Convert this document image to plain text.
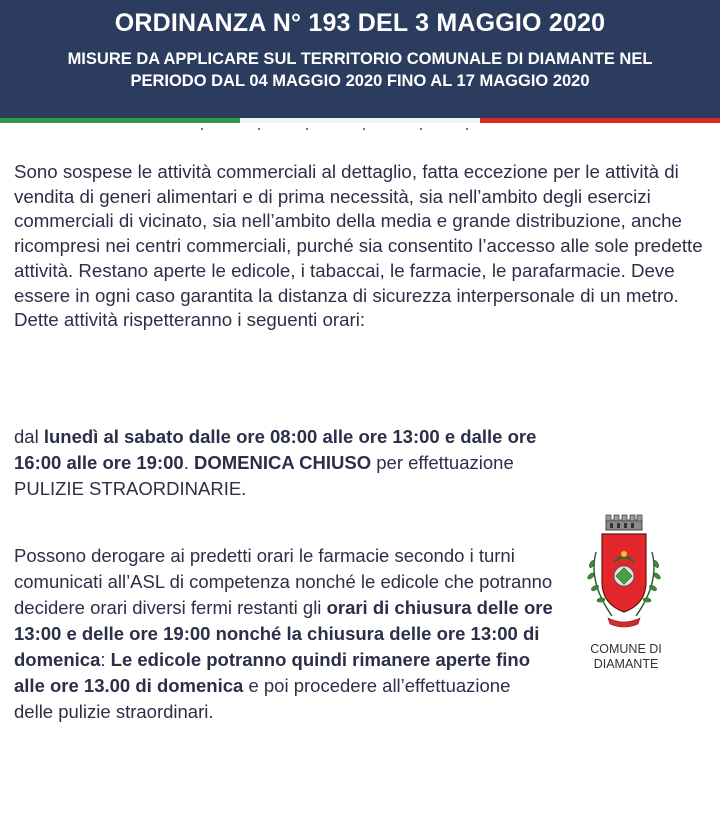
ORDINANZA N° 193 DEL 3 MAGGIO 2020
MISURE DA APPLICARE SUL TERRITORIO COMUNALE DI DIAMANTE NEL PERIODO DAL 04 MAGGIO 2020 FINO AL 17 MAGGIO 2020
Sono sospese le attività commerciali al dettaglio, fatta eccezione per le attività di vendita di generi alimentari e di prima necessità, sia nell’ambito degli esercizi commerciali di vicinato, sia nell’ambito della media e grande distribuzione, anche ricompresi nei centri commerciali, purché sia consentito l’accesso alle sole predette attività. Restano aperte le edicole, i tabaccai, le farmacie, le parafarmacie. Deve essere in ogni caso garantita la distanza di sicurezza interpersonale di un metro. Dette attività rispetteranno i seguenti orari:
dal lunedì al sabato dalle ore 08:00 alle ore 13:00 e dalle ore 16:00 alle ore 19:00. DOMENICA CHIUSO per effettuazione PULIZIE STRAORDINARIE.
Possono derogare ai predetti orari le farmacie secondo i turni comunicati all’ASL di competenza nonché le edicole che potranno decidere orari diversi fermi restanti gli orari di chiusura delle ore 13:00 e delle ore 19:00 nonché la chiusura delle ore 13:00 di domenica: Le edicole potranno quindi rimanere aperte fino alle ore 13.00 di domenica e poi procedere all’effettuazione delle pulizie straordinari.
COMUNE DI
DIAMANTE
